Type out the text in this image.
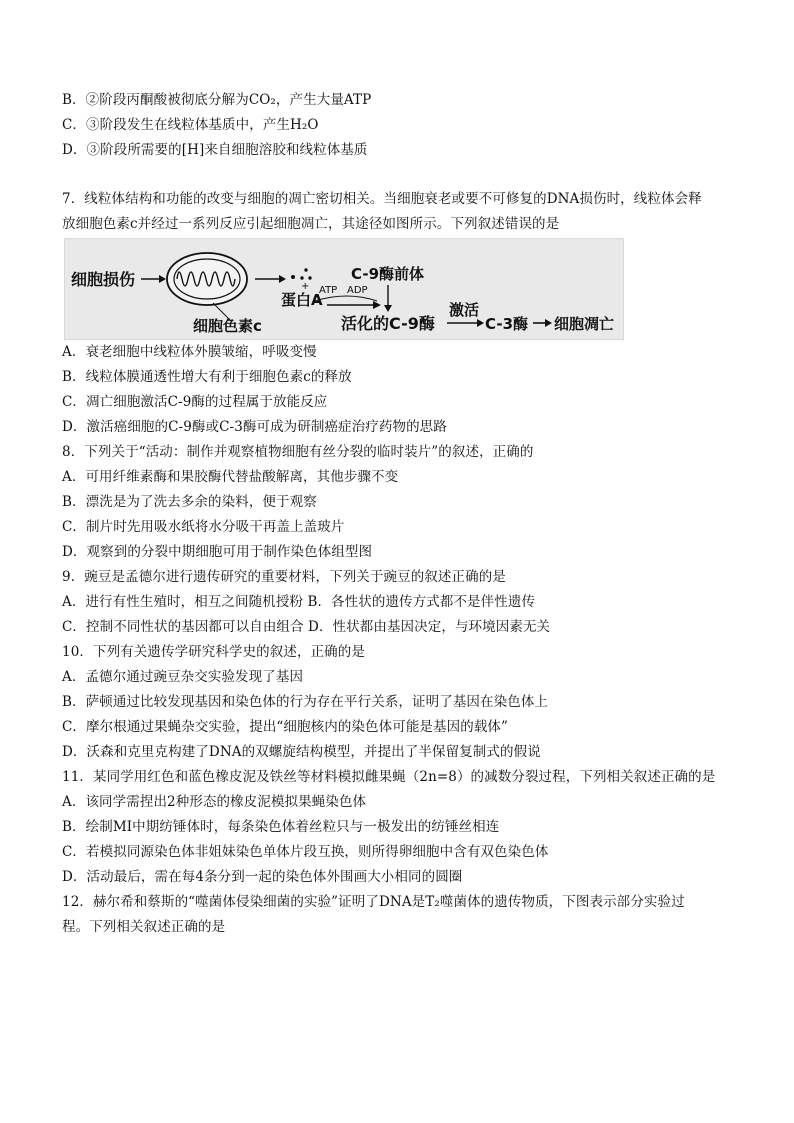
B．②阶段丙酮酸被彻底分解为CO₂，产生大量ATP
C．③阶段发生在线粒体基质中，产生H₂O
D．③阶段所需要的[H]来自细胞溶胶和线粒体基质
7．线粒体结构和功能的改变与细胞的凋亡密切相关。当细胞衰老或要不可修复的DNA损伤时，线粒体会释
放细胞色素c并经过一系列反应引起细胞凋亡，其途径如图所示。下列叙述错误的是
细胞损伤
细胞色素c
+
蛋白A
C-9酶前体
ATP ADP
活化的C-9酶
激活
C-3酶 细胞凋亡
A．衰老细胞中线粒体外膜皱缩，呼吸变慢
B．线粒体膜通透性增大有利于细胞色素c的释放
C．凋亡细胞激活C-9酶的过程属于放能反应
D．激活癌细胞的C-9酶或C-3酶可成为研制癌症治疗药物的思路
8．下列关于“活动：制作并观察植物细胞有丝分裂的临时装片”的叙述，正确的
A．可用纤维素酶和果胶酶代替盐酸解离，其他步骤不变
B．漂洗是为了洗去多余的染料，便于观察
C．制片时先用吸水纸将水分吸干再盖上盖玻片
D．观察到的分裂中期细胞可用于制作染色体组型图
9．豌豆是孟德尔进行遗传研究的重要材料，下列关于豌豆的叙述正确的是
A．进行有性生殖时，相互之间随机授粉 B．各性状的遗传方式都不是伴性遗传
C．控制不同性状的基因都可以自由组合 D．性状都由基因决定，与环境因素无关
10．下列有关遗传学研究科学史的叙述，正确的是
A．孟德尔通过豌豆杂交实验发现了基因
B．萨顿通过比较发现基因和染色体的行为存在平行关系，证明了基因在染色体上
C．摩尔根通过果蝇杂交实验，提出“细胞核内的染色体可能是基因的载体”
D．沃森和克里克构建了DNA的双螺旋结构模型，并提出了半保留复制式的假说
11．某同学用红色和蓝色橡皮泥及铁丝等材料模拟雌果蝇（2n=8）的减数分裂过程，下列相关叙述正确的是
A．该同学需捏出2种形态的橡皮泥模拟果蝇染色体
B．绘制MⅠ中期纺锤体时，每条染色体着丝粒只与一极发出的纺锤丝相连
C．若模拟同源染色体非姐妹染色单体片段互换，则所得卵细胞中含有双色染色体
D．活动最后，需在每4条分到一起的染色体外围画大小相同的圆圈
12．赫尔希和蔡斯的“噬菌体侵染细菌的实验”证明了DNA是T₂噬菌体的遗传物质，下图表示部分实验过
程。下列相关叙述正确的是
